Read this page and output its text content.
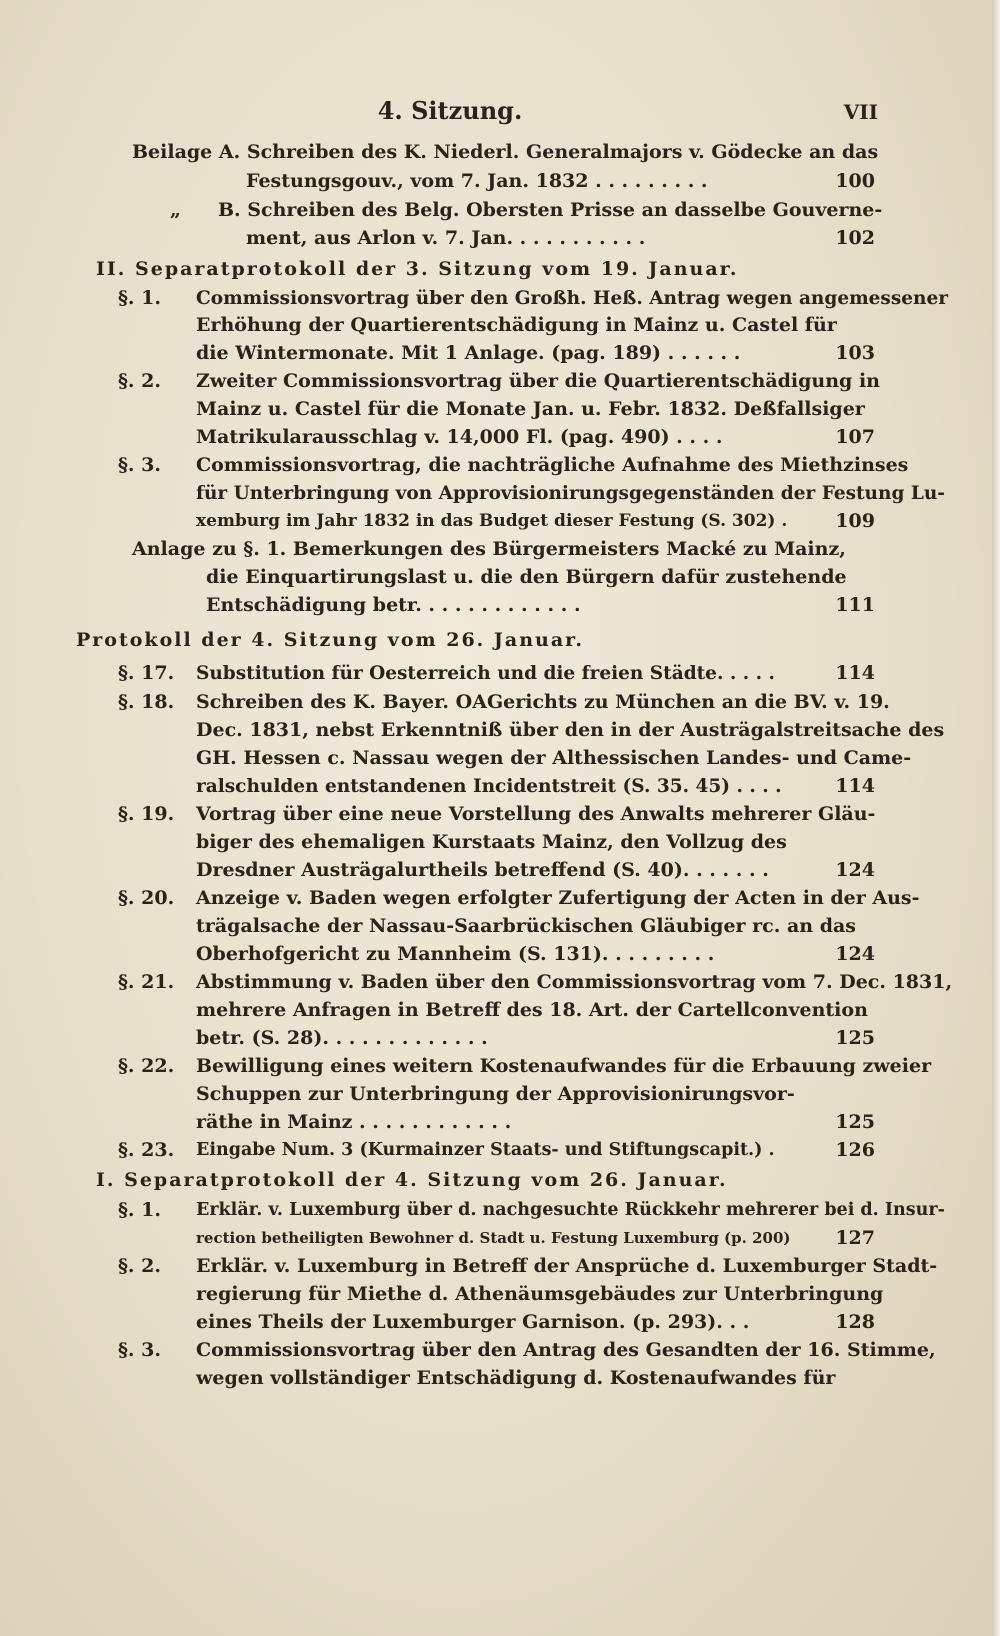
4. Sitzung.	VII
Beilage A. Schreiben des K. Niederl. Generalmajors v. Gödecke an das
Festungsgouv., vom 7. Jan. 1832 . . . . . . . . .	100
„ B. Schreiben des Belg. Obersten Prisse an dasselbe Gouverne-
ment, aus Arlon v. 7. Jan. . . . . . . . . . .	102
II. Separatprotokoll der 3. Sitzung vom 19. Januar.
§. 1. Commissionsvortrag über den Großh. Heß. Antrag wegen angemessener
Erhöhung der Quartierentschädigung in Mainz u. Castel für
die Wintermonate. Mit 1 Anlage. (pag. 189) . . . . . .	103
§. 2. Zweiter Commissionsvortrag über die Quartierentschädigung in
Mainz u. Castel für die Monate Jan. u. Febr. 1832. Deßfallsiger
Matrikularausschlag v. 14,000 Fl. (pag. 490) . . . .	107
§. 3. Commissionsvortrag, die nachträgliche Aufnahme des Miethzinses
für Unterbringung von Approvisionirungsgegenständen der Festung Lu-
xemburg im Jahr 1832 in das Budget dieser Festung (S. 302) .	109
Anlage zu §. 1. Bemerkungen des Bürgermeisters Macké zu Mainz,
die Einquartirungslast u. die den Bürgern dafür zustehende
Entschädigung betr. . . . . . . . . . . . .	111
Protokoll der 4. Sitzung vom 26. Januar.
§. 17. Substitution für Oesterreich und die freien Städte. . . . .	114
§. 18. Schreiben des K. Bayer. OAGerichts zu München an die BV. v. 19.
Dec. 1831, nebst Erkenntniß über den in der Austrägalstreitsache des
GH. Hessen c. Nassau wegen der Althessischen Landes- und Came-
ralschulden entstandenen Incidentstreit (S. 35. 45) . . . .	114
§. 19. Vortrag über eine neue Vorstellung des Anwalts mehrerer Gläu-
biger des ehemaligen Kurstaats Mainz, den Vollzug des
Dresdner Austrägalurtheils betreffend (S. 40). . . . . . .	124
§. 20. Anzeige v. Baden wegen erfolgter Zufertigung der Acten in der Aus-
trägalsache der Nassau-Saarbrückischen Gläubiger rc. an das
Oberhofgericht zu Mannheim (S. 131). . . . . . . . .	124
§. 21. Abstimmung v. Baden über den Commissionsvortrag vom 7. Dec. 1831,
mehrere Anfragen in Betreff des 18. Art. der Cartellconvention
betr. (S. 28). . . . . . . . . . . . .	125
§. 22. Bewilligung eines weitern Kostenaufwandes für die Erbauung zweier
Schuppen zur Unterbringung der Approvisionirungsvor-
räthe in Mainz . . . . . . . . . . . .	125
§. 23. Eingabe Num. 3 (Kurmainzer Staats- und Stiftungscapit.) .	126
I. Separatprotokoll der 4. Sitzung vom 26. Januar.
§. 1. Erklär. v. Luxemburg über d. nachgesuchte Rückkehr mehrerer bei d. Insur-
rection betheiligten Bewohner d. Stadt u. Festung Luxemburg (p. 200)	127
§. 2. Erklär. v. Luxemburg in Betreff der Ansprüche d. Luxemburger Stadt-
regierung für Miethe d. Athenäumsgebäudes zur Unterbringung
eines Theils der Luxemburger Garnison. (p. 293). . .	128
§. 3. Commissionsvortrag über den Antrag des Gesandten der 16. Stimme,
wegen vollständiger Entschädigung d. Kostenaufwandes für
